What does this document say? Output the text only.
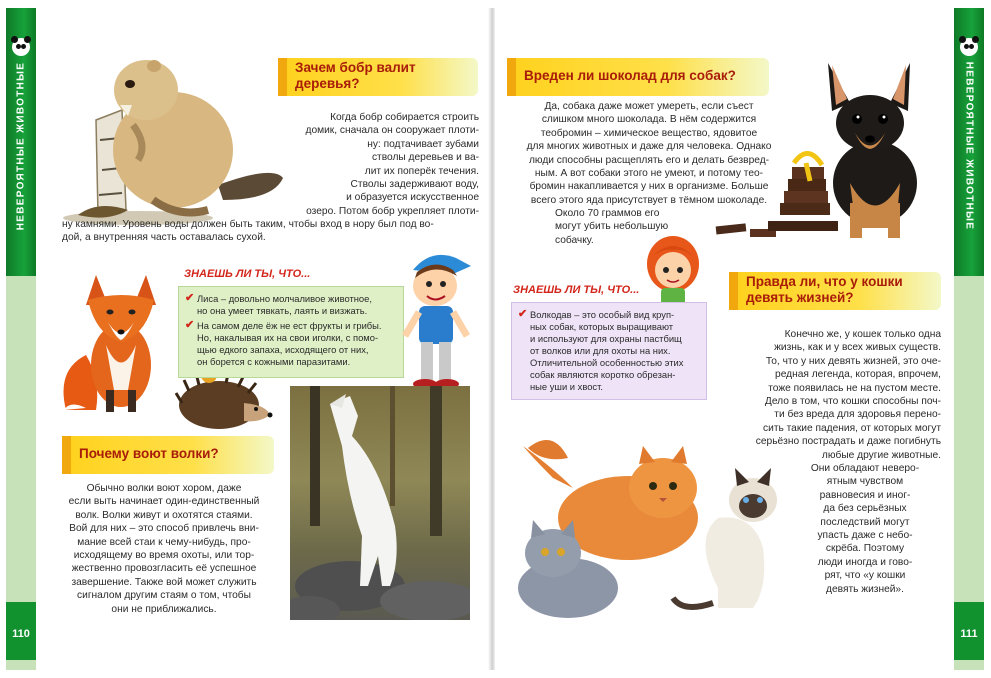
НЕВЕРОЯТНЫЕ ЖИВОТНЫЕ
110
Зачем бобр валит
деревья?

Когда бобр собирается строить

домик, сначала он сооружает плоти-

ну: подтачивает зубами

стволы деревьев и ва-

лит их поперёк течения.

Стволы задерживают воду,

и образуется искусственное

озеро. Потом бобр укрепляет плоти-

ну камнями. Уровень воды должен быть таким, чтобы вход в нору был под во-

дой, а внутренняя часть оставалась сухой.

ЗНАЕШЬ ЛИ ТЫ, ЧТО...
✔ Лиса – довольно молчаливое животное,
но она умеет тявкать, лаять и визжать.
✔ На самом деле ёж не ест фрукты и грибы.
Но, накалывая их на свои иголки, с помо-
щью едкого запаха, исходящего от них,
он борется с кожными паразитами.
Почему воют волки?

Обычно волки воют хором, даже

если выть начинает один-единственный

волк. Волки живут и охотятся стаями.

Вой для них – это способ привлечь вни-

мание всей стаи к чему-нибудь, про-

исходящему во время охоты, или тор-

жественно провозгласить её успешное

завершение. Также вой может служить

сигналом другим стаям о том, чтобы

они не приближались.

НЕВЕРОЯТНЫЕ ЖИВОТНЫЕ
111
Вреден ли шоколад для собак?

Да, собака даже может умереть, если съест

слишком много шоколада. В нём содержится

теобромин – химическое вещество, ядовитое

для многих животных и даже для человека. Однако

люди способны расщеплять его и делать безвред-

ным. А вот собаки этого не умеют, и потому тео-

бромин накапливается у них в организме. Больше

всего этого яда присутствует в тёмном шоколаде.

Около 70 граммов его

могут убить небольшую

собачку.

ЗНАЕШЬ ЛИ ТЫ, ЧТО...
✔ Волкодав – это особый вид круп-
ных собак, которых выращивают
и используют для охраны пастбищ
от волков или для охоты на них.
Отличительной особенностью этих
собак являются коротко обрезан-
ные уши и хвост.
Правда ли, что у кошки
девять жизней?

Конечно же, у кошек только одна

жизнь, как и у всех живых существ.

То, что у них девять жизней, это оче-

редная легенда, которая, впрочем,

тоже появилась не на пустом месте.

Дело в том, что кошки способны поч-

ти без вреда для здоровья перено-

сить такие падения, от которых могут

серьёзно пострадать и даже погибнуть

любые другие животные.

Они обладают неверо-

ятным чувством

равновесия и иног-

да без серьёзных

последствий могут

упасть даже с небо-

скрёба. Поэтому

люди иногда и гово-

рят, что «у кошки

девять жизней».
